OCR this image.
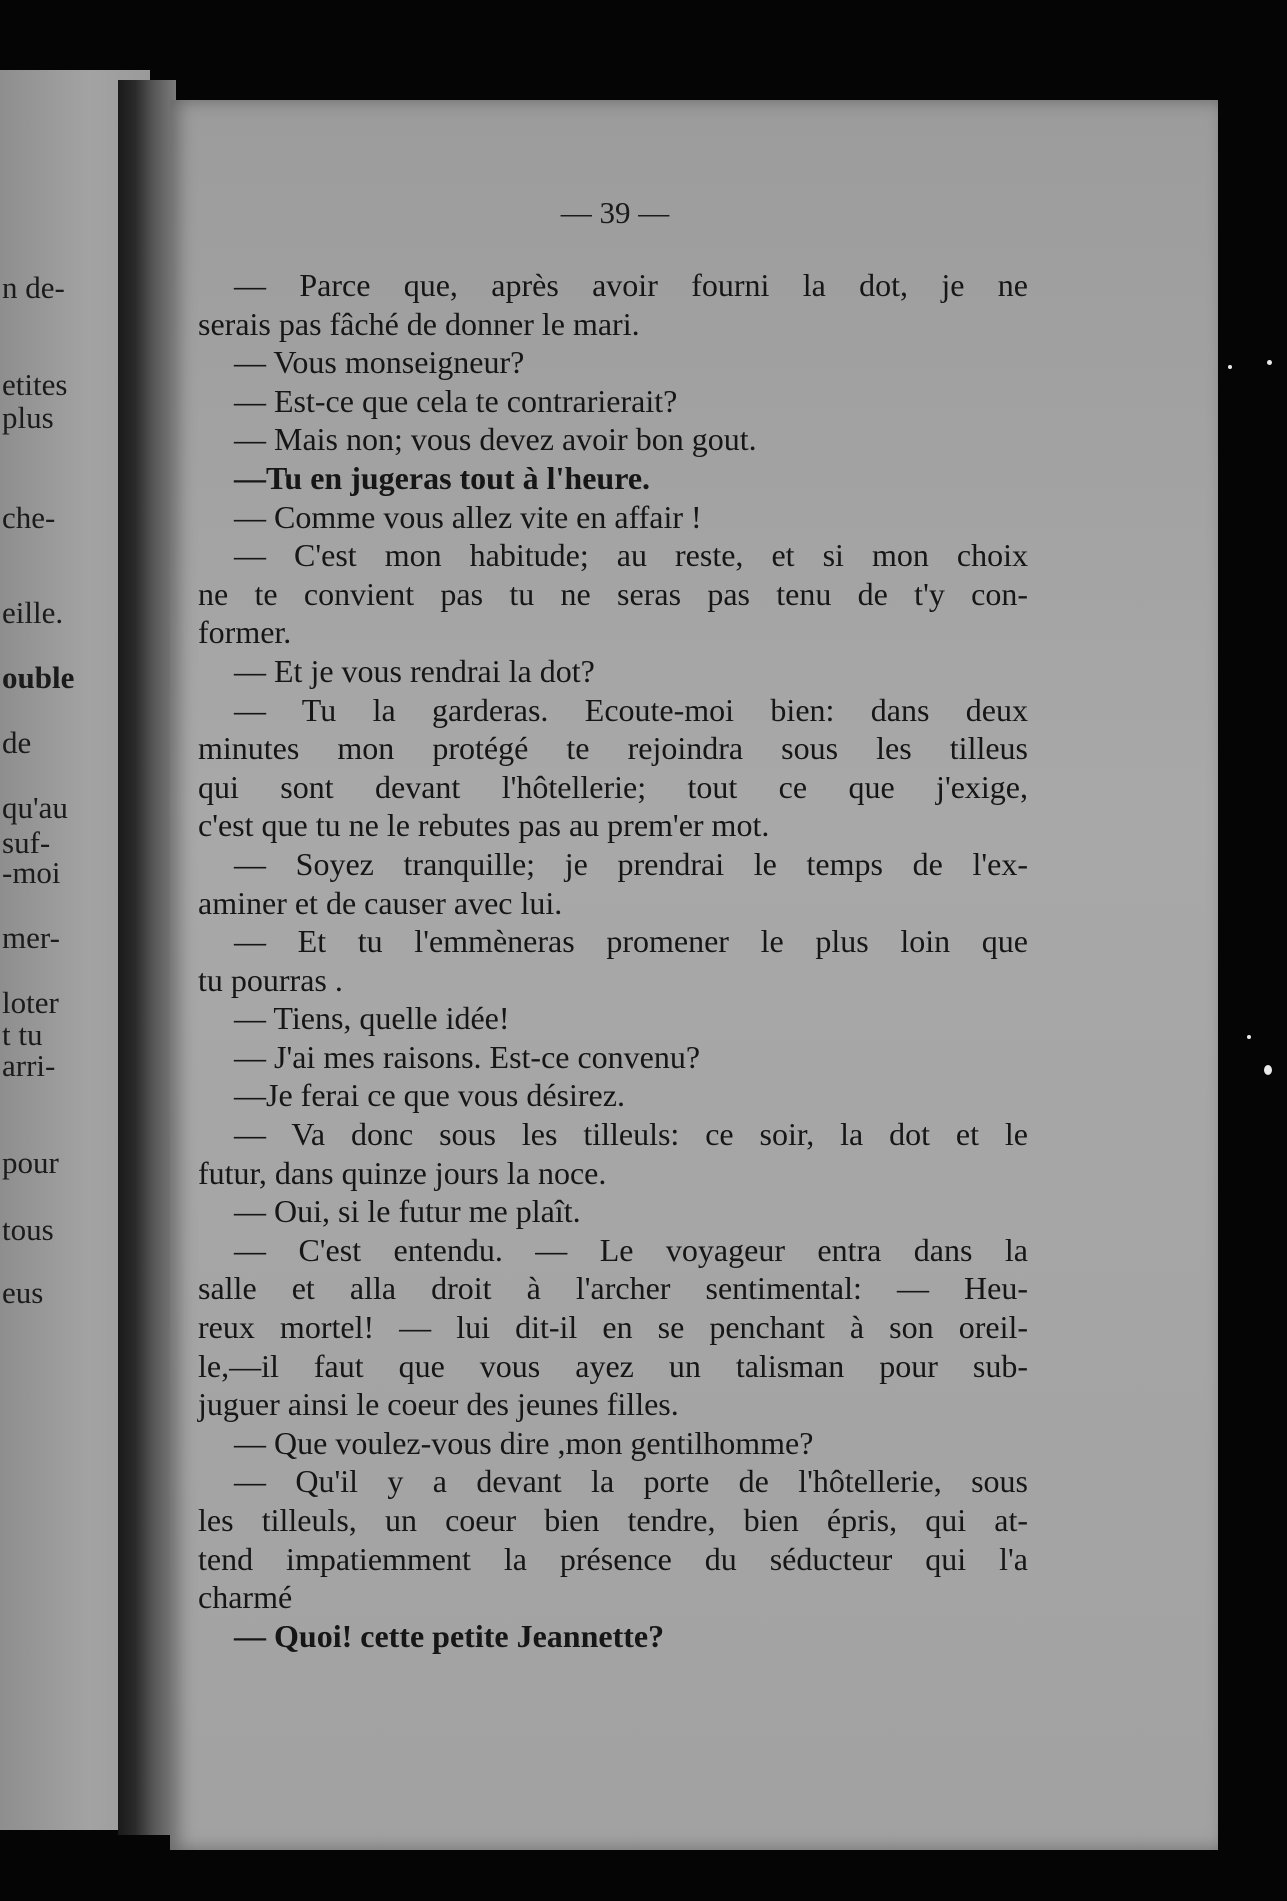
n de-
etites
plus
che-
eille.
ouble
de
qu'au
suf-
-moi
mer-
loter
t tu
arri-
pour
tous
eus
— 39 —
— Parce que, après avoir fourni la dot, je ne
serais pas fâché de donner le mari.
— Vous monseigneur?
— Est-ce que cela te contrarierait?
— Mais non; vous devez avoir bon gout.
—Tu en jugeras tout à l'heure.
— Comme vous allez vite en affair !
— C'est mon habitude; au reste, et si mon choix
ne te convient pas tu ne seras pas tenu de t'y con-
former.
— Et je vous rendrai la dot?
— Tu la garderas. Ecoute-moi bien: dans deux
minutes mon protégé te rejoindra sous les tilleus
qui sont devant l'hôtellerie; tout ce que j'exige,
c'est que tu ne le rebutes pas au prem'er mot.
— Soyez tranquille; je prendrai le temps de l'ex-
aminer et de causer avec lui.
— Et tu l'emmèneras promener le plus loin que
tu pourras .
— Tiens, quelle idée!
— J'ai mes raisons. Est-ce convenu?
—Je ferai ce que vous désirez.
— Va donc sous les tilleuls: ce soir, la dot et le
futur, dans quinze jours la noce.
— Oui, si le futur me plaît.
— C'est entendu. — Le voyageur entra dans la
salle et alla droit à l'archer sentimental: — Heu-
reux mortel! — lui dit-il en se penchant à son oreil-
le,—il faut que vous ayez un talisman pour sub-
juguer ainsi le coeur des jeunes filles.
— Que voulez-vous dire ,mon gentilhomme?
— Qu'il y a devant la porte de l'hôtellerie, sous
les tilleuls, un coeur bien tendre, bien épris, qui at-
tend impatiemment la présence du séducteur qui l'a
charmé
— Quoi! cette petite Jeannette?
